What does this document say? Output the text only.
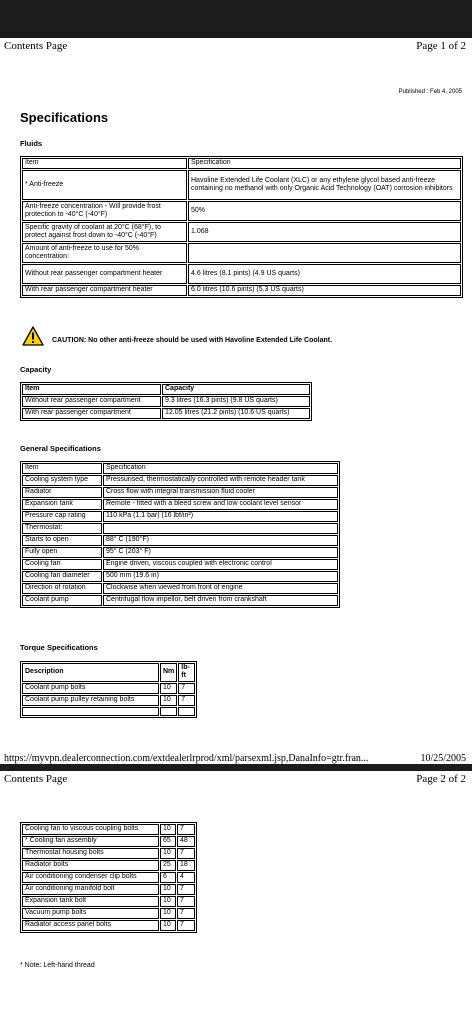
Contents Page	Page 1 of 2
Published : Feb 4, 2005
Specifications
Fluids
Item	Specification
* Anti-freeze	Havoline Extended Life Coolant (XLC) or any ethylene glycol based anti-freeze containing no methanol with only Organic Acid Technology (OAT) corrosion inhibitors
Anti-freeze concentration - Will provide frost protection to -40°C (-40°F)	50%
Specific gravity of coolant at 20°C (68°F), to protect against frost down to -40°C (-40°F)	1.068
Amount of anti-freeze to use for 50% concentration:	
Without rear passenger compartment heater	4.6 litres (8.1 pints) (4.9 US quarts)
With rear passenger compartment heater	6.0 litres (10.6 pints) (5.3 US quarts)
CAUTION: No other anti-freeze should be used with Havoline Extended Life Coolant.
Capacity
Item	Capacity
Without rear passenger compartment	9.3 litres (16.3 pints) (9.8 US quarts)
With rear passenger compartment	12.05 litres (21.2 pints) (10.6 US quarts)
General Specifications
Item	Specification
Cooling system type	Pressurised, thermostatically controlled with remote header tank
Radiator	Cross flow with integral transmission fluid cooler
Expansion tank	Remote - fitted with a bleed screw and low coolant level sensor
Pressure cap rating	110 kPa (1.1 bar) (16 lbf/in²)
Thermostat:	
Starts to open	88° C (190°F)
Fully open	95° C (203° F)
Cooling fan	Engine driven, viscous coupled with electronic control
Cooling fan diameter	500 mm (19.6 in)
Direction of rotation	Clockwise when viewed from front of engine
Coolant pump	Centrifugal flow impellor, belt driven from crankshaft
Torque Specifications
Description	Nm	lb-ft
Coolant pump bolts	10	7
Coolant pump pulley retaining bolts	10	7

https://myvpn.dealerconnection.com/extdealerlrprod/xml/parsexml.jsp,DanaInfo=gtr.fran...	10/25/2005
Contents Page	Page 2 of 2
Cooling fan to viscous coupling bolts	10	7
* Cooling fan assembly	65	48
Thermostat housing bolts	10	7
Radiator bolts	25	18
Air conditioning condenser clip bolts	6	4
Air conditioning manifold bolt	10	7
Expansion tank bolt	10	7
Vacuum pump bolts	10	7
Radiator access panel bolts	10	7
* Note: Left-hand thread
